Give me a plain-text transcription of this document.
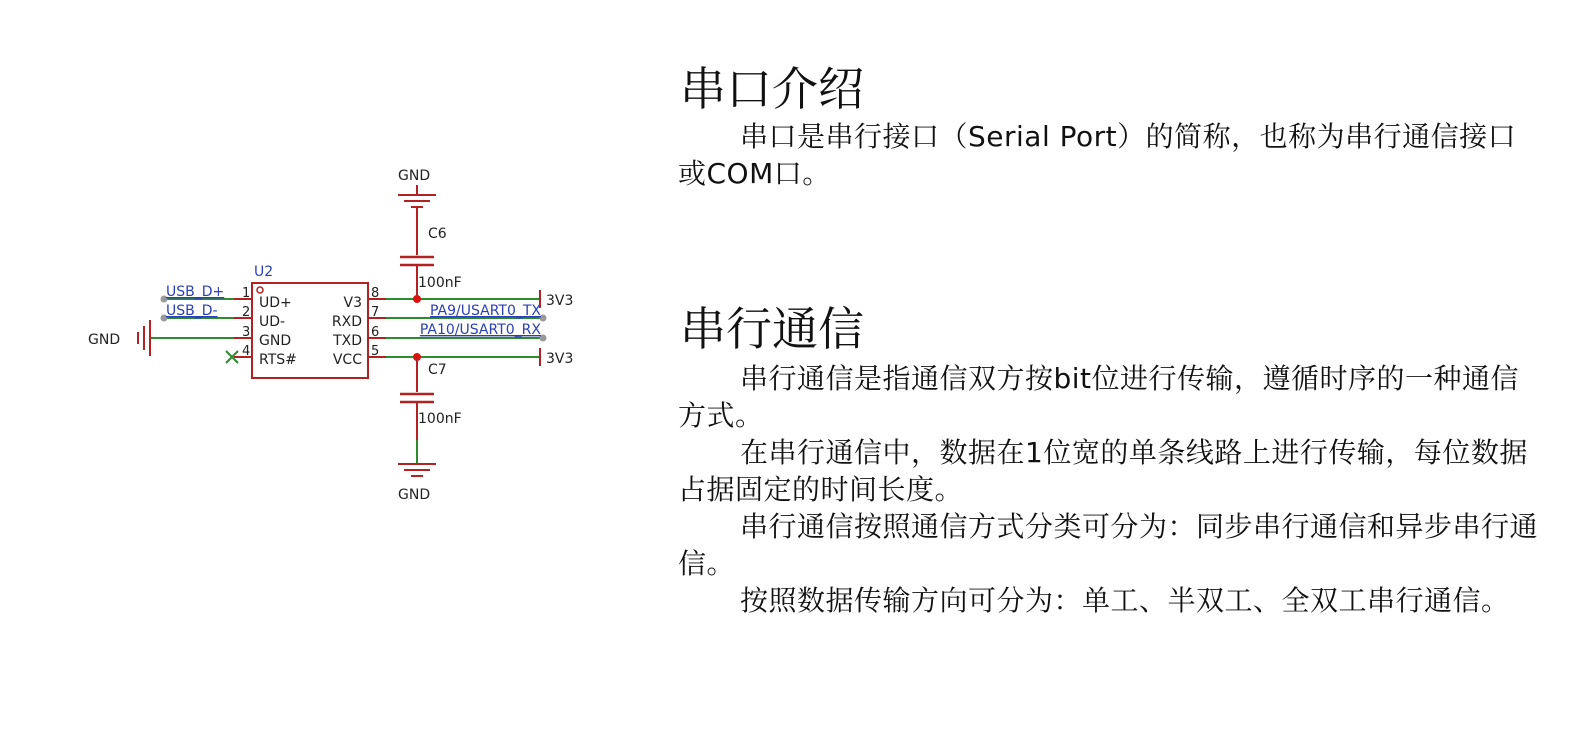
GND
C6
100nF
U2
1
2
3
4
UD+
UD-
GND
RTS#
8
7
6
5
V3
RXD
TXD
VCC
USB_D+
USB_D-
GND
PA9/USART0_TX
PA10/USART0_RX
3V3
3V3
C7
100nF
GND
串口介绍

串口是串行接口（Serial Port）的简称，也称为串行通信接口或COM口。

串行通信

串行通信是指通信双方按bit位进行传输，遵循时序的一种通信方式。

在串行通信中，数据在1位宽的单条线路上进行传输，每位数据占据固定的时间长度。

串行通信按照通信方式分类可分为：同步串行通信和异步串行通信。

按照数据传输方向可分为：单工、半双工、全双工串行通信。
